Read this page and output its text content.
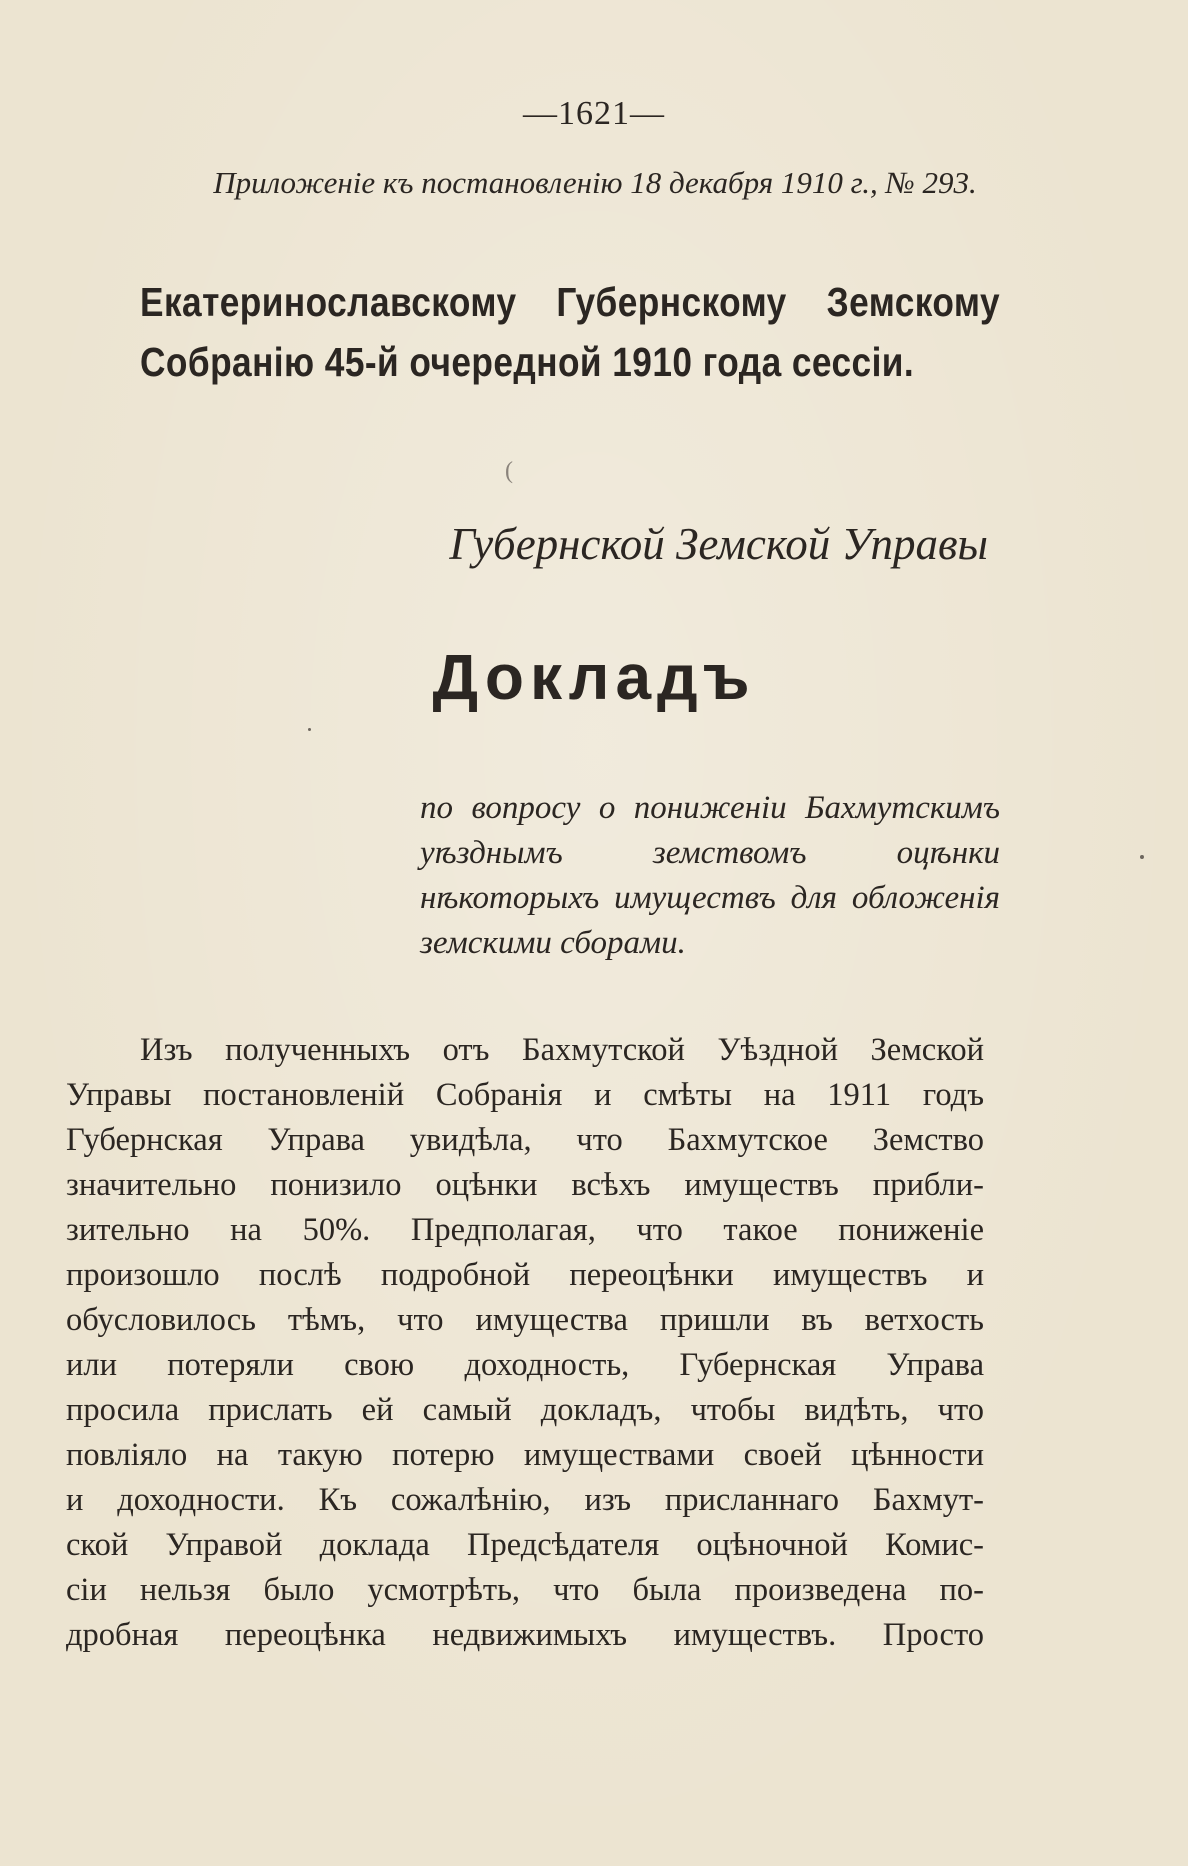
—1621—
Приложенiе къ постановленiю 18 декабря 1910 г., № 293.
Екатеринославскому Губернскому Земскому Собранiю 45-й очередной 1910 года сессiи.
(
Губернской Земской Управы
Докладъ
по вопросу о пониженiи Бахмутскимъ уѣзднымъ земствомъ оцѣнки нѣкоторыхъ имуществъ для обложенiя земскими сборами.
Изъ полученныхъ отъ Бахмутской Уѣздной Земской
Управы постановленiй Собранiя и смѣты на 1911 годъ
Губернская Управа увидѣла, что Бахмутское Земство
значительно понизило оцѣнки всѣхъ имуществъ прибли-
зительно на 50%. Предполагая, что такое пониженiе
произошло послѣ подробной переоцѣнки имуществъ и
обусловилось тѣмъ, что имущества пришли въ ветхость
или потеряли свою доходность, Губернская Управа
просила прислать ей самый докладъ, чтобы видѣть, что
повлiяло на такую потерю имуществами своей цѣнности
и доходности. Къ сожалѣнiю, изъ присланнаго Бахмут-
ской Управой доклада Предсѣдателя оцѣночной Комис-
сiи нельзя было усмотрѣть, что была произведена по-
дробная переоцѣнка недвижимыхъ имуществъ. Просто
